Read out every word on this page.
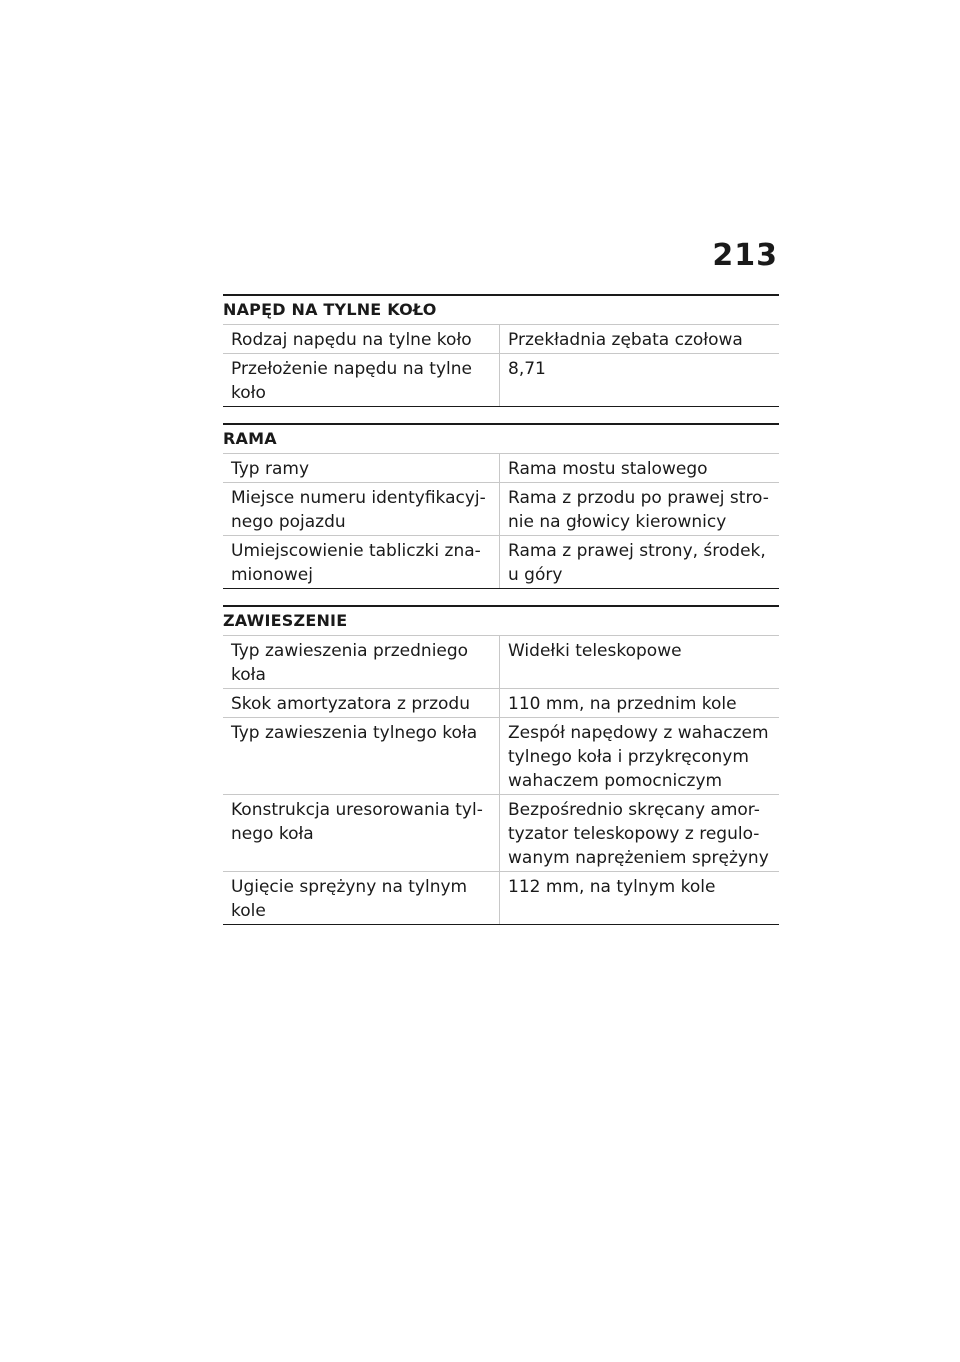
213
NAPĘD NA TYLNE KOŁO
Rodzaj napędu na tylne koło	Przekładnia zębata czołowa
Przełożenie napędu na tylne koło	8,71
RAMA
Typ ramy	Rama mostu stalowego
Miejsce numeru identyfikacyj-nego pojazdu	Rama z przodu po prawej stro-nie na głowicy kierownicy
Umiejscowienie tabliczki zna-mionowej	Rama z prawej strony, środek, u góry
ZAWIESZENIE
Typ zawieszenia przedniego koła	Widełki teleskopowe
Skok amortyzatora z przodu	110 mm, na przednim kole
Typ zawieszenia tylnego koła	Zespół napędowy z wahaczem tylnego koła i przykręconym wahaczem pomocniczym
Konstrukcja uresorowania tyl-nego koła	Bezpośrednio skręcany amor-tyzator teleskopowy z regulo-wanym naprężeniem sprężyny
Ugięcie sprężyny na tylnym kole	112 mm, na tylnym kole
